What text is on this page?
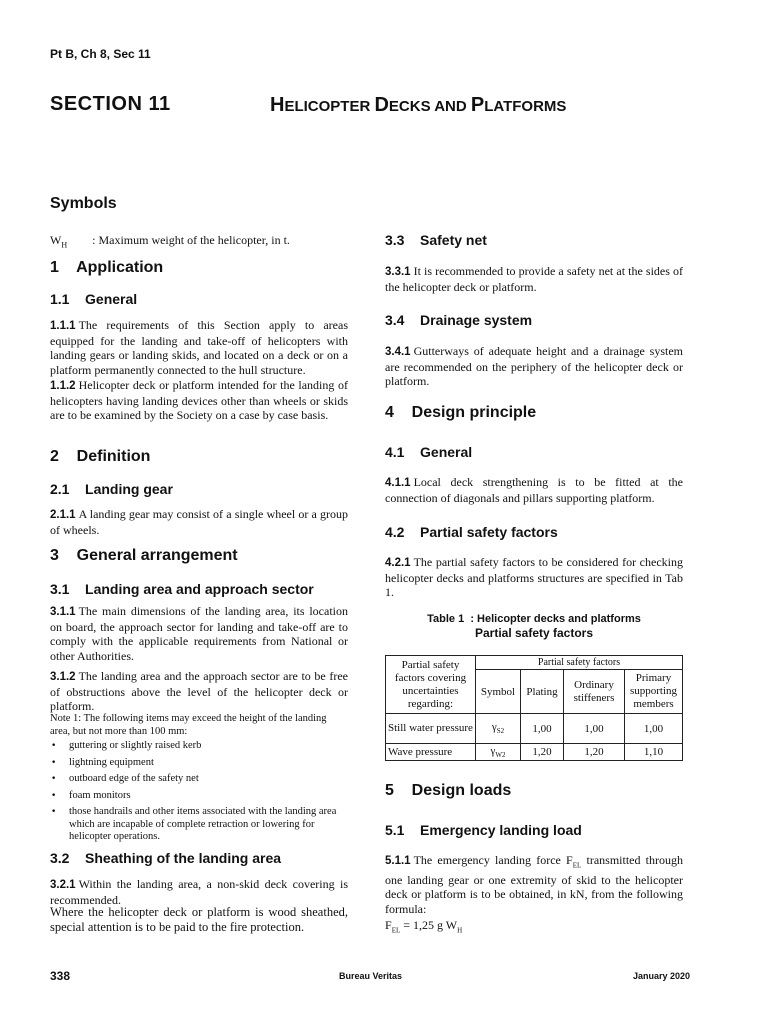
Pt B, Ch 8, Sec 11
SECTION 11	HELICOPTER DECKS AND PLATFORMS
Symbols
$W_H$ : Maximum weight of the helicopter, in t.
1    Application
1.1    General
1.1.1 The requirements of this Section apply to areas equipped for the landing and take-off of helicopters with landing gears or landing skids, and located on a deck or on a platform permanently connected to the hull structure.
1.1.2 Helicopter deck or platform intended for the landing of helicopters having landing devices other than wheels or skids are to be examined by the Society on a case by case basis.
2    Definition
2.1    Landing gear
2.1.1 A landing gear may consist of a single wheel or a group of wheels.
3    General arrangement
3.1    Landing area and approach sector
3.1.1 The main dimensions of the landing area, its location on board, the approach sector for landing and take-off are to comply with the applicable requirements from National or other Authorities.
3.1.2 The landing area and the approach sector are to be free of obstructions above the level of the helicopter deck or platform.
Note 1: The following items may exceed the height of the landing area, but not more than 100 mm:
• guttering or slightly raised kerb
• lightning equipment
• outboard edge of the safety net
• foam monitors
• those handrails and other items associated with the landing area which are incapable of complete retraction or lowering for helicopter operations.
3.2    Sheathing of the landing area
3.2.1 Within the landing area, a non-skid deck covering is recommended.
Where the helicopter deck or platform is wood sheathed, special attention is to be paid to the fire protection.
3.3    Safety net
3.3.1 It is recommended to provide a safety net at the sides of the helicopter deck or platform.
3.4    Drainage system
3.4.1 Gutterways of adequate height and a drainage system are recommended on the periphery of the helicopter deck or platform.
4    Design principle
4.1    General
4.1.1 Local deck strengthening is to be fitted at the connection of diagonals and pillars supporting platform.
4.2    Partial safety factors
4.2.1 The partial safety factors to be considered for checking helicopter decks and platforms structures are specified in Tab 1.
Table 1  : Helicopter decks and platforms
Partial safety factors
Partial safety factors covering uncertainties regarding:	Partial safety factors			
	Symbol	Plating	Ordinary stiffeners	Primary supporting members
Still water pressure	$\gamma_{S2}$	1,00	1,00	1,00
Wave pressure	$\gamma_{W2}$	1,20	1,20	1,10
5    Design loads
5.1    Emergency landing load
5.1.1 The emergency landing force $F_{EL}$ transmitted through one landing gear or one extremity of skid to the helicopter deck or platform is to be obtained, in kN, from the following formula:
$F_{EL} = 1,25$ g $W_H$
338	Bureau Veritas	January 2020
